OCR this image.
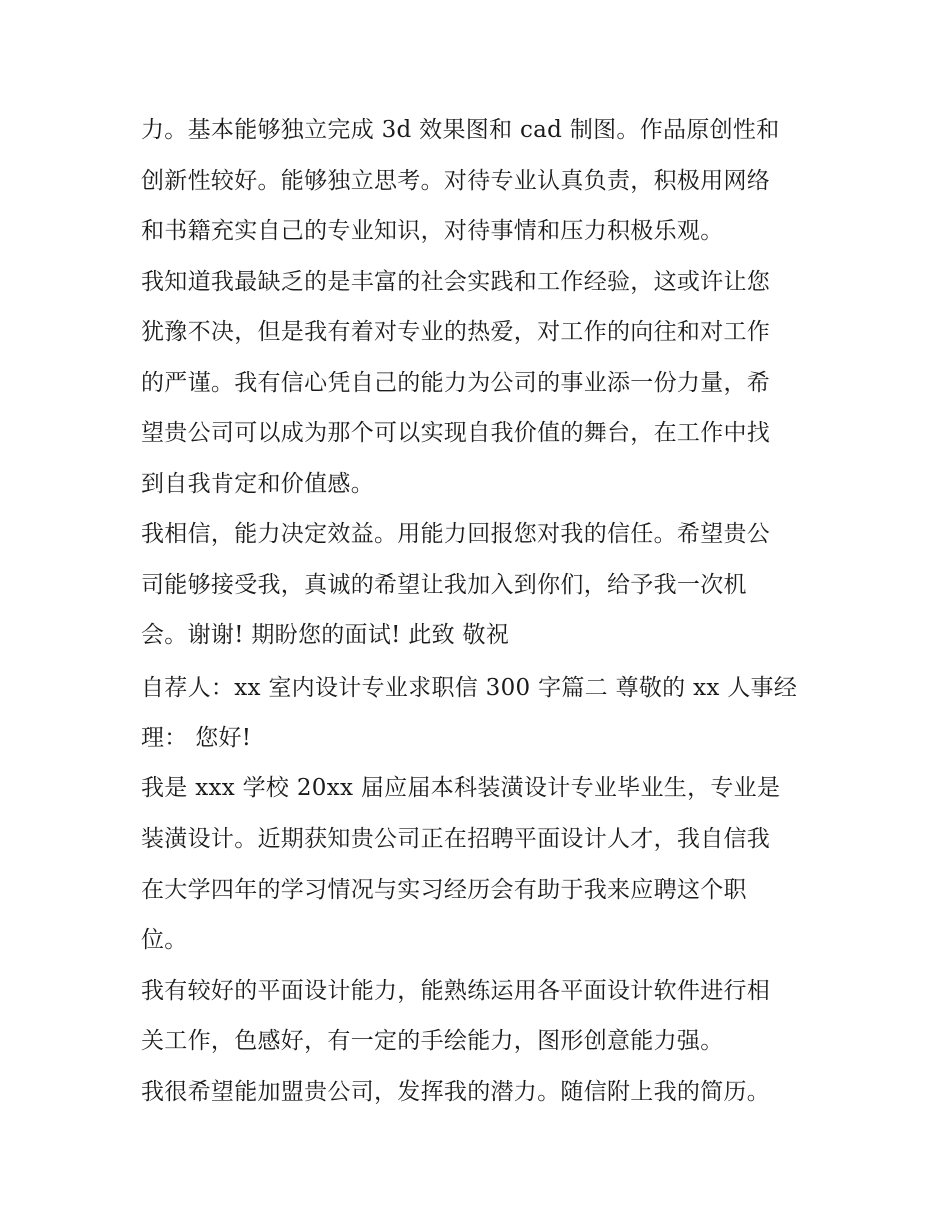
力。基本能够独立完成 3d 效果图和 cad 制图。作品原创性和
创新性较好。能够独立思考。对待专业认真负责，积极用网络
和书籍充实自己的专业知识，对待事情和压力积极乐观。
我知道我最缺乏的是丰富的社会实践和工作经验，这或许让您
犹豫不决，但是我有着对专业的热爱，对工作的向往和对工作
的严谨。我有信心凭自己的能力为公司的事业添一份力量，希
望贵公司可以成为那个可以实现自我价值的舞台，在工作中找
到自我肯定和价值感。
我相信，能力决定效益。用能力回报您对我的信任。希望贵公
司能够接受我，真诚的希望让我加入到你们，给予我一次机
会。谢谢! 期盼您的面试! 此致 敬祝
自荐人：xx 室内设计专业求职信 300 字篇二 尊敬的 xx 人事经
理： 您好!
我是 xxx 学校 20xx 届应届本科装潢设计专业毕业生，专业是
装潢设计。近期获知贵公司正在招聘平面设计人才，我自信我
在大学四年的学习情况与实习经历会有助于我来应聘这个职
位。
我有较好的平面设计能力，能熟练运用各平面设计软件进行相
关工作，色感好，有一定的手绘能力，图形创意能力强。
我很希望能加盟贵公司，发挥我的潜力。随信附上我的简历。
